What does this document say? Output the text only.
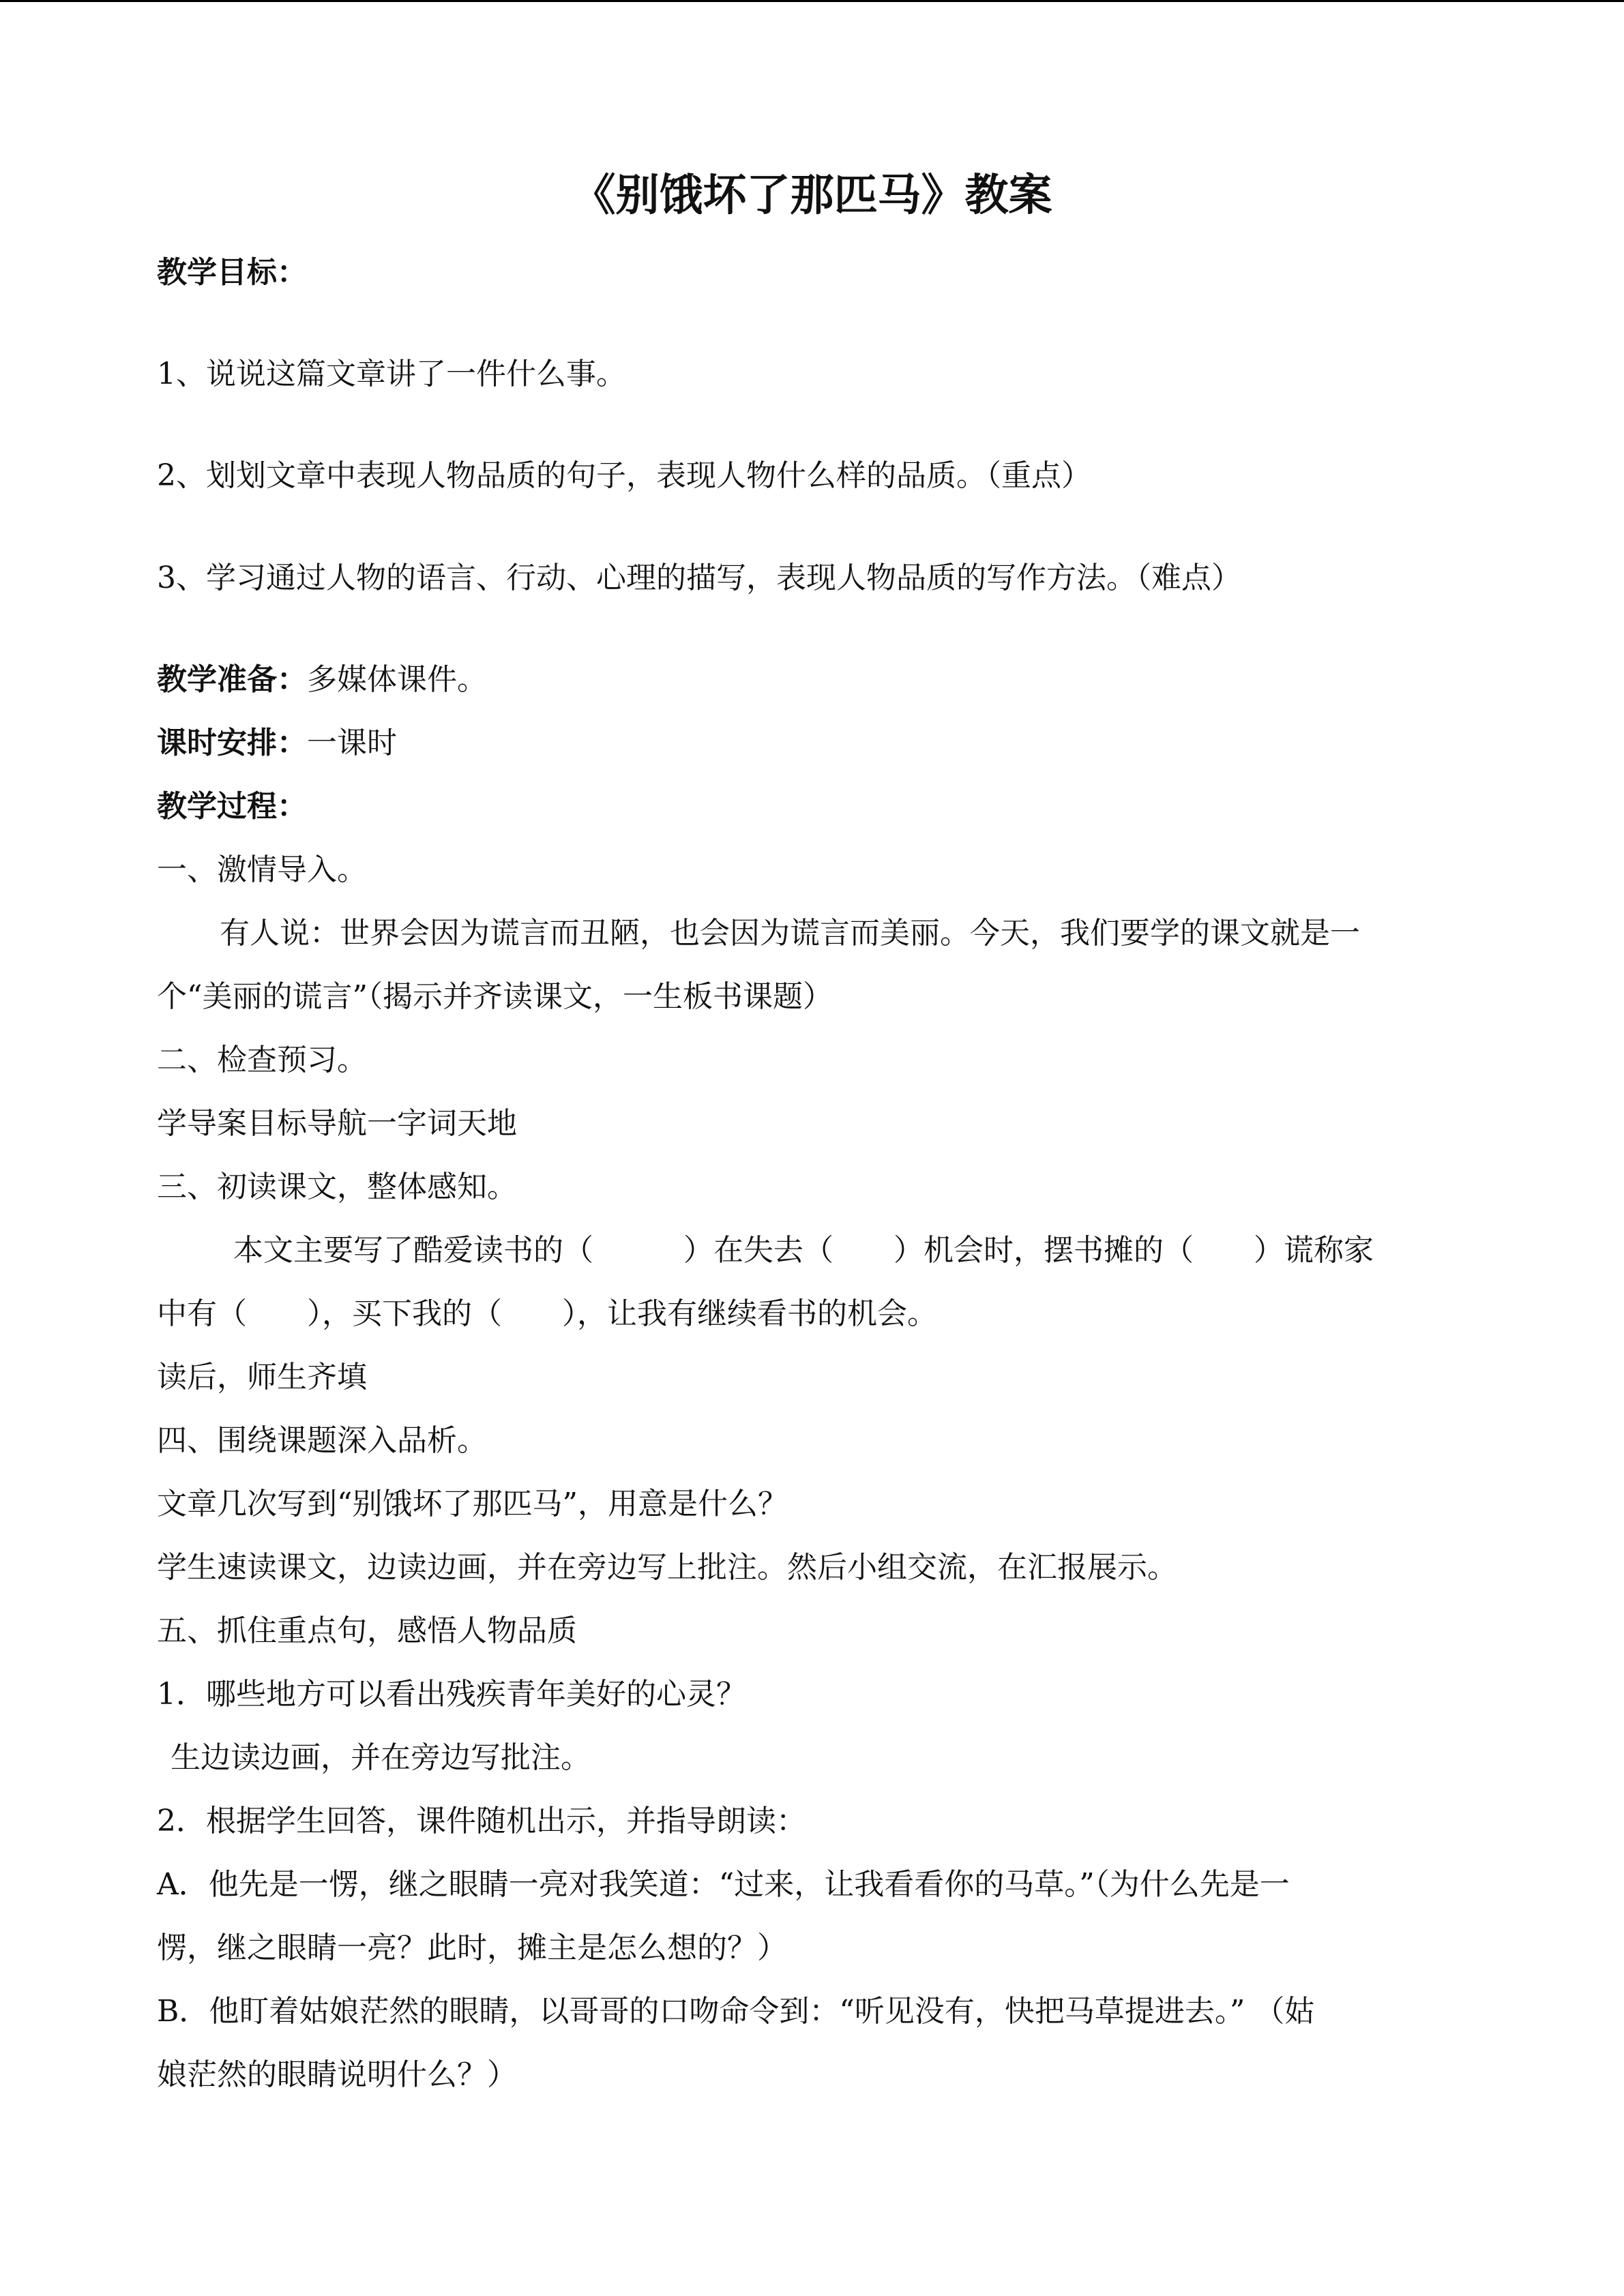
《别饿坏了那匹马》教案
教学目标：
1、说说这篇文章讲了一件什么事。
2、划划文章中表现人物品质的句子，表现人物什么样的品质。（重点）
3、学习通过人物的语言、行动、心理的描写，表现人物品质的写作方法。（难点）
教学准备：多媒体课件。
课时安排：一课时
教学过程：
一、激情导入。
有人说：世界会因为谎言而丑陋，也会因为谎言而美丽。今天，我们要学的课文就是一
个“美丽的谎言”（揭示并齐读课文，一生板书课题）
二、检查预习。
学导案目标导航一字词天地
三、初读课文，整体感知。
本文主要写了酷爱读书的（　　　）在失去（　　）机会时，摆书摊的（　　）谎称家
中有（　　），买下我的（　　），让我有继续看书的机会。
读后，师生齐填
四、围绕课题深入品析。
文章几次写到“别饿坏了那匹马”，用意是什么？
学生速读课文，边读边画，并在旁边写上批注。然后小组交流，在汇报展示。
五、抓住重点句，感悟人物品质
1．哪些地方可以看出残疾青年美好的心灵？
生边读边画，并在旁边写批注。
2．根据学生回答，课件随机出示，并指导朗读：
A．他先是一愣，继之眼睛一亮对我笑道：“过来，让我看看你的马草。”（为什么先是一
愣，继之眼睛一亮？此时，摊主是怎么想的？）
B．他盯着姑娘茫然的眼睛，以哥哥的口吻命令到：“听见没有，快把马草提进去。” （姑
娘茫然的眼睛说明什么？）
